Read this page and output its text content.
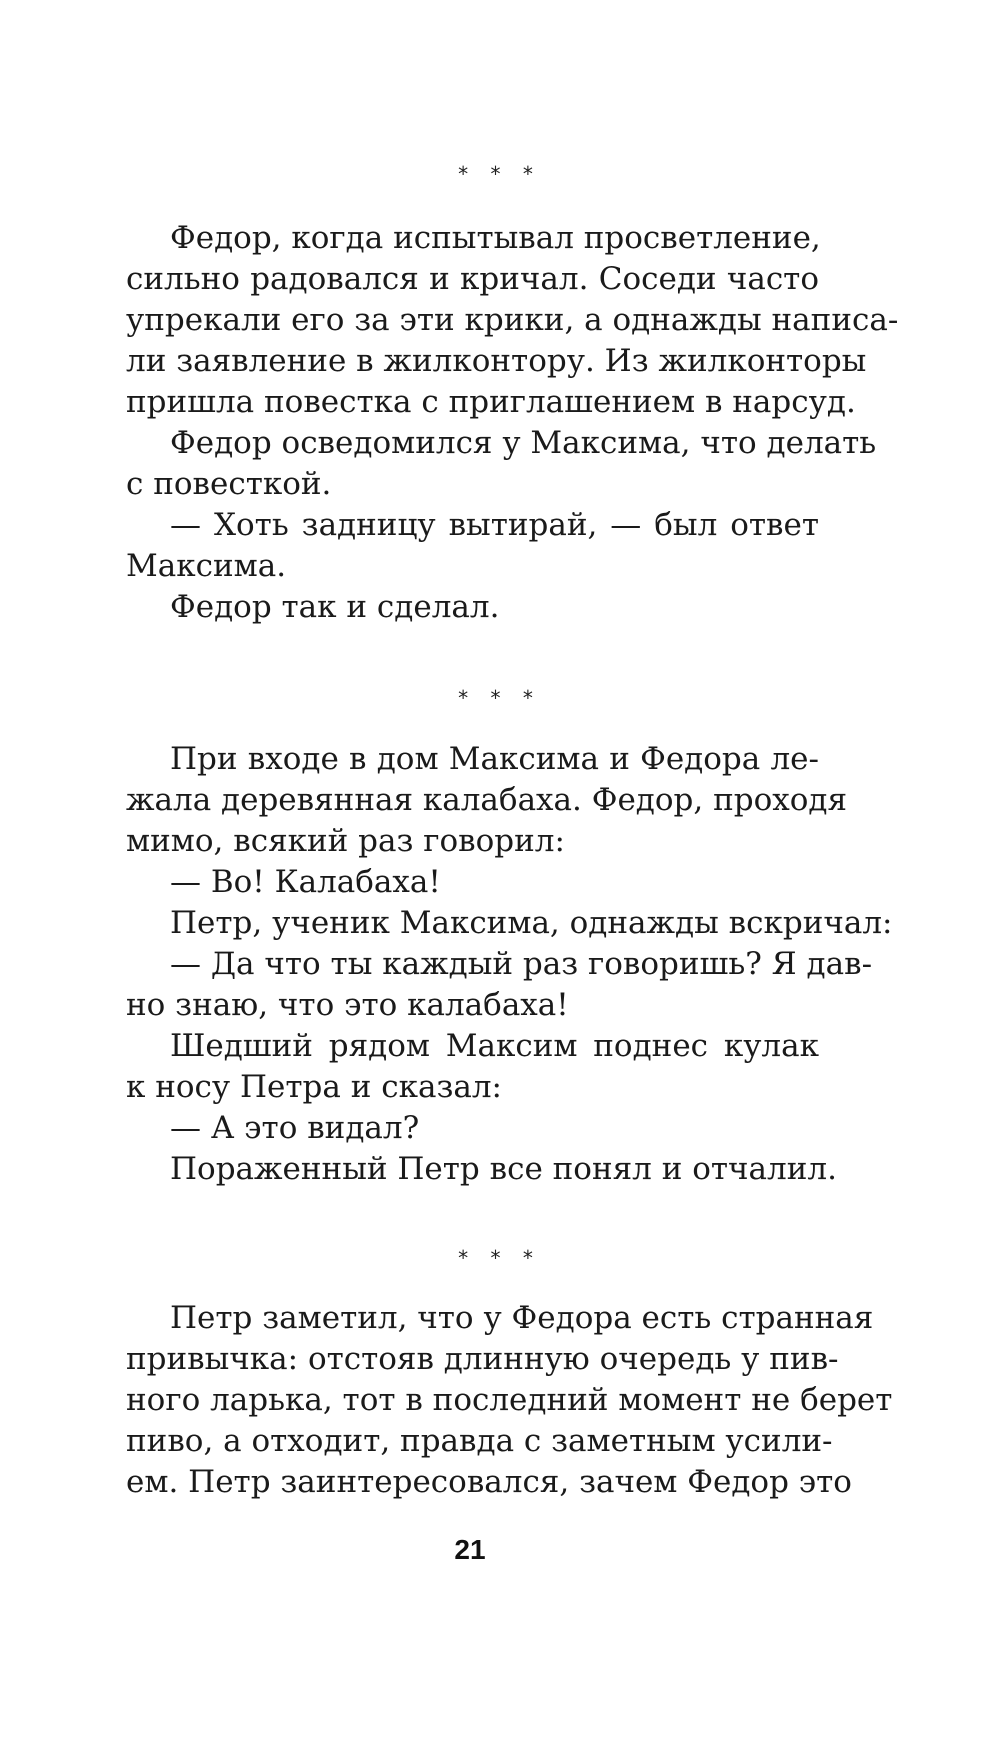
* * *
Федор, когда испытывал просветление,
сильно радовался и кричал. Соседи часто
упрекали его за эти крики, а однажды написа-
ли заявление в жилконтору. Из жилконторы
пришла повестка с приглашением в нарсуд.
Федор осведомился у Максима, что делать
с повесткой.
— Хоть задницу вытирай, — был ответ
Максима.
Федор так и сделал.
* * *
При входе в дом Максима и Федора ле-
жала деревянная калабаха. Федор, проходя
мимо, всякий раз говорил:
— Во! Калабаха!
Петр, ученик Максима, однажды вскричал:
— Да что ты каждый раз говоришь? Я дав-
но знаю, что это калабаха!
Шедший рядом Максим поднес кулак
к носу Петра и сказал:
— А это видал?
Пораженный Петр все понял и отчалил.
* * *
Петр заметил, что у Федора есть странная
привычка: отстояв длинную очередь у пив-
ного ларька, тот в последний момент не берет
пиво, а отходит, правда с заметным усили-
ем. Петр заинтересовался, зачем Федор это
21
